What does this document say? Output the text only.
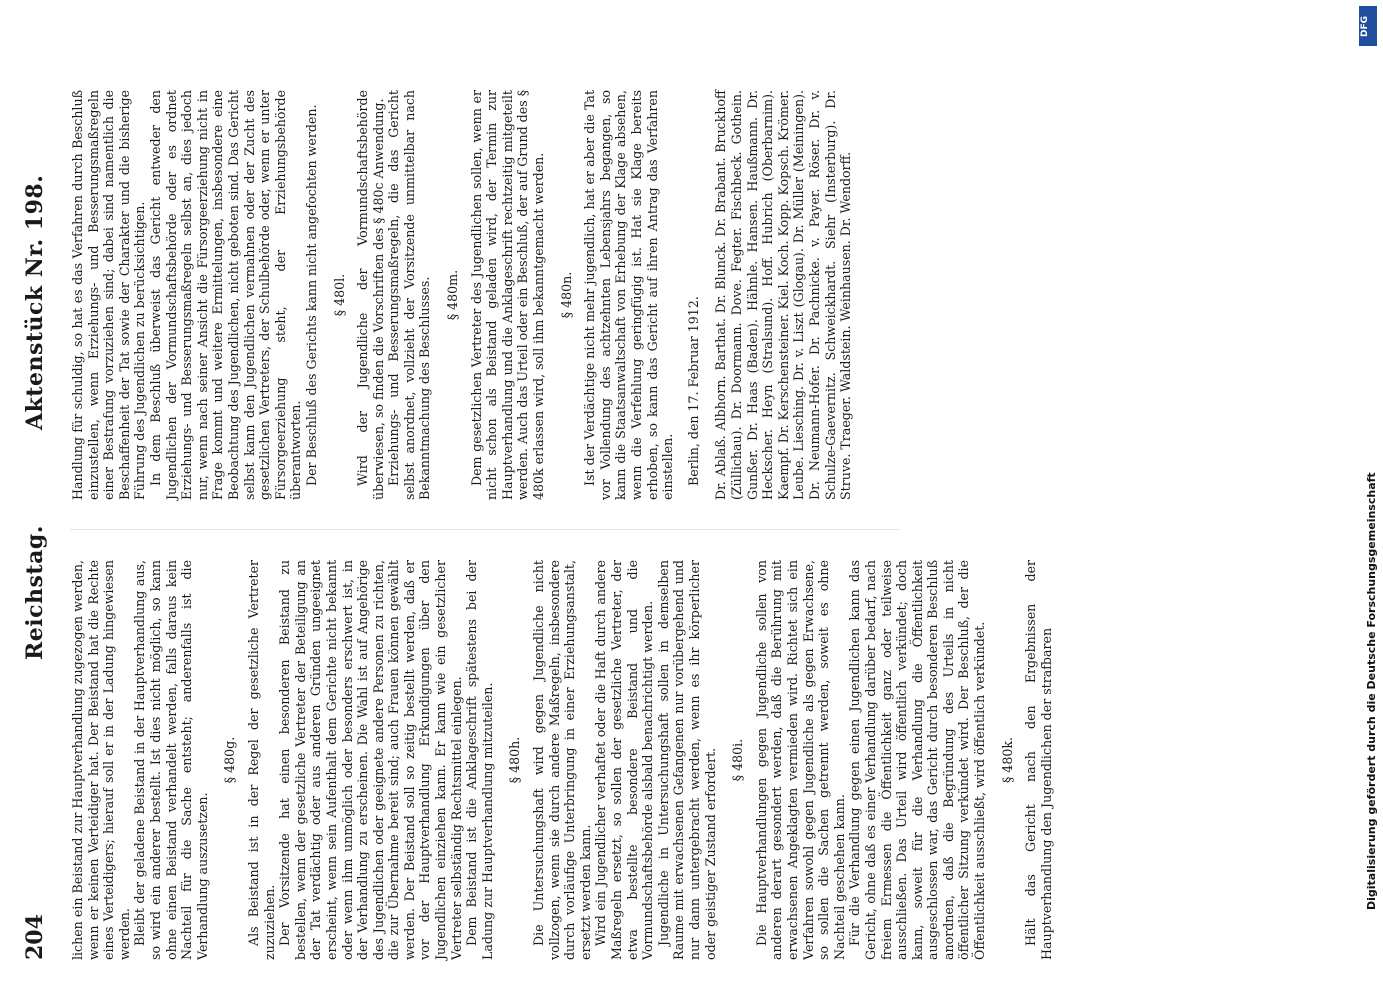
204
Reichstag.
Aktenstück Nr. 198.

lichen ein Beistand zur Hauptverhandlung zugezogen werden, wenn er keinen Verteidiger hat. Der Beistand hat die Rechte eines Verteidigers; hierauf soll er in der Ladung hingewiesen werden. Bleibt der geladene Beistand in der Hauptverhandlung aus, so wird ein anderer bestellt. Ist dies nicht möglich, so kann ohne einen Beistand verhandelt werden, falls daraus kein Nachteil für die Sache entsteht; anderenfalls ist die Verhandlung auszusetzen.

§ 480g. Als Beistand ist in der Regel der gesetzliche Vertreter zuzuziehen. Der Vorsitzende hat einen besonderen Beistand zu bestellen, wenn der gesetzliche Vertreter der Beteiligung an der Tat verdächtig oder aus anderen Gründen ungeeignet erscheint, wenn sein Aufenthalt dem Gerichte nicht bekannt oder wenn ihm unmöglich oder besonders erschwert ist, in der Verhandlung zu erscheinen. Die Wahl ist auf Angehörige des Jugendlichen oder geeignete andere Personen zu richten, die zur Übernahme bereit sind; auch Frauen können gewählt werden. Der Beistand soll so zeitig bestellt werden, daß er vor der Hauptverhandlung Erkundigungen über den Jugendlichen einziehen kann. Er kann wie ein gesetzlicher Vertreter selbständig Rechtsmittel einlegen. Dem Beistand ist die Anklageschrift spätestens bei der Ladung zur Hauptverhandlung mitzuteilen. § 480h. Die Untersuchungshaft wird gegen Jugendliche nicht vollzogen, wenn sie durch andere Maßregeln, insbesondere durch vorläufige Unterbringung in einer Erziehungsanstalt, ersetzt werden kann. Wird ein Jugendlicher verhaftet oder die Haft durch andere Maßregeln ersetzt, so sollen der gesetzliche Vertreter, der etwa bestellte besondere Beistand und die Vormundschaftsbehörde alsbald benachrichtigt werden. Jugendliche in Untersuchungshaft sollen in demselben Raume mit erwachsenen Gefangenen nur vorübergehend und nur dann untergebracht werden, wenn es ihr körperlicher oder geistiger Zustand erfordert. § 480i. Die Hauptverhandlungen gegen Jugendliche sollen von anderen derart gesondert werden, daß die Berührung mit erwachsenen Angeklagten vermieden wird. Richtet sich ein Verfahren sowohl gegen Jugendliche als gegen Erwachsene, so sollen die Sachen getrennt werden, soweit es ohne Nachteil geschehen kann. Für die Verhandlung gegen einen Jugendlichen kann das Gericht, ohne daß es einer Verhandlung darüber bedarf, nach freiem Ermessen die Öffentlichkeit ganz oder teilweise ausschließen. Das Urteil wird öffentlich verkündet; doch kann, soweit für die Verhandlung die Öffentlichkeit ausgeschlossen war, das Gericht durch besonderen Beschluß anordnen, daß die Begründung des Urteils in nicht öffentlicher Sitzung verkündet wird. Der Beschluß, der die Öffentlichkeit ausschließt, wird öffentlich verkündet. § 480k. Hält das Gericht nach den Ergebnissen der Hauptverhandlung den Jugendlichen der strafbaren

Handlung für schuldig, so hat es das Verfahren durch Beschluß einzustellen, wenn Erziehungs- und Besserungsmaßregeln einer Bestrafung vorzuziehen sind; dabei sind namentlich die Beschaffenheit der Tat sowie der Charakter und die bisherige Führung des Jugendlichen zu berücksichtigen. In dem Beschluß überweist das Gericht entweder den Jugendlichen der Vormundschaftsbehörde oder es ordnet Erziehungs- und Besserungsmaßregeln selbst an, dies jedoch nur, wenn nach seiner Ansicht die Fürsorgeerziehung nicht in Frage kommt und weitere Ermittelungen, insbesondere eine Beobachtung des Jugendlichen, nicht geboten sind. Das Gericht selbst kann den Jugendlichen vermahnen oder der Zucht des gesetzlichen Vertreters, der Schulbehörde oder, wenn er unter Fürsorgeerziehung steht, der Erziehungsbehörde überantworten. Der Beschluß des Gerichts kann nicht angefochten werden. § 480l. Wird der Jugendliche der Vormundschaftsbehörde überwiesen, so finden die Vorschriften des § 480c Anwendung. Erziehungs- und Besserungsmaßregeln, die das Gericht selbst anordnet, vollzieht der Vorsitzende unmittelbar nach Bekanntmachung des Beschlusses. § 480m. Dem gesetzlichen Vertreter des Jugendlichen sollen, wenn er nicht schon als Beistand geladen wird, der Termin zur Hauptverhandlung und die Anklageschrift rechtzeitig mitgeteilt werden. Auch das Urteil oder ein Beschluß, der auf Grund des § 480k erlassen wird, soll ihm bekanntgemacht werden. § 480n. Ist der Verdächtige nicht mehr jugendlich, hat er aber die Tat vor Vollendung des achtzehnten Lebensjahrs begangen, so kann die Staatsanwaltschaft von Erhebung der Klage absehen, wenn die Verfehlung geringfügig ist. Hat sie Klage bereits erhoben, so kann das Gericht auf ihren Antrag das Verfahren einstellen. Berlin, den 17. Februar 1912. Dr. Ablaß. Albhorn. Barthat. Dr. Blunck. Dr. Brabant. Bruckhoff (Züllichau). Dr. Doormann. Dove. Fegter. Fischbeck. Gothein. Gunßer. Dr. Haas (Baden). Hähnle. Hansen. Haußmann. Dr. Heckscher. Heyn (Stralsund). Hoff. Hubrich (Oberbarnim). Kaempf. Dr. Kerschensteiner. Kiel. Koch. Kopp. Kopsch. Krömer. Leube. Liesching. Dr. v. Liszt (Glogau). Dr. Müller (Meiningen). Dr. Neumann-Hofer. Dr. Pachnicke. v. Payer. Röser. Dr. v. Schulze-Gaevernitz. Schweickhardt. Siehr (Insterburg). Dr. Struve. Traeger. Waldstein. Weinhausen. Dr. Wendorff.

DFG
Digitalisierung gefördert durch die Deutsche Forschungsgemeinschaft
